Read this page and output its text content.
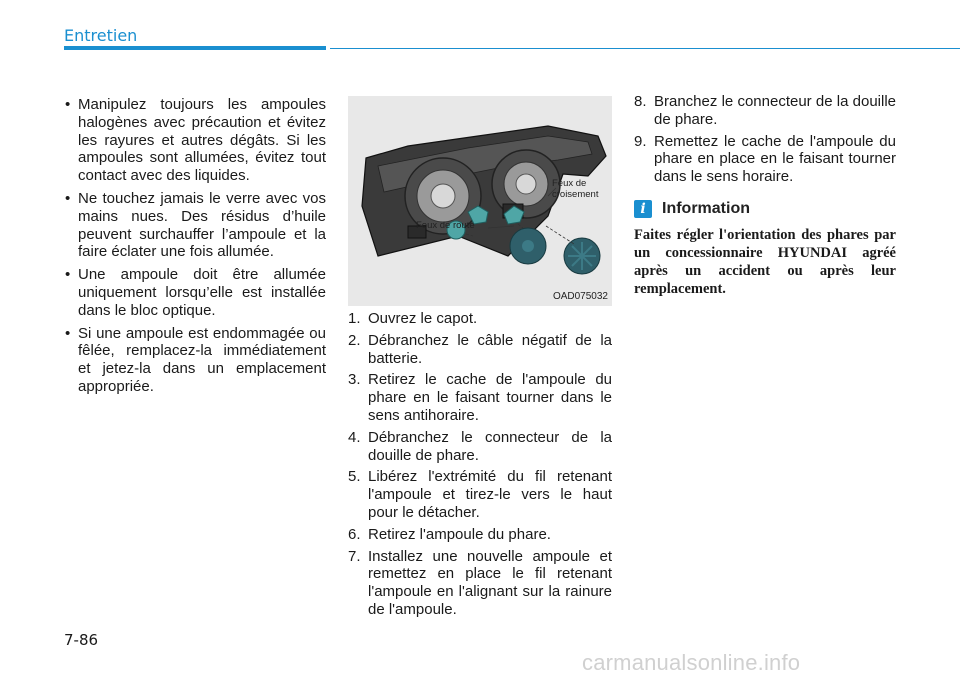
Entretien
• Manipulez toujours les ampoules halogènes avec précaution et évitez les rayures et autres dégâts. Si les ampoules sont allumées, évitez tout contact avec des liquides.
• Ne touchez jamais le verre avec vos mains nues. Des résidus d’huile peuvent surchauffer l’ampoule et la faire éclater une fois allumée.
• Une ampoule doit être allumée uniquement lorsqu’elle est installée dans le bloc optique.
• Si une ampoule est endommagée ou fêlée, remplacez-la immédiatement et jetez-la dans un emplacement appropriée.
Feux de route
Feux de
croisement
OAD075032
1. Ouvrez le capot.
2. Débranchez le câble négatif de la batterie.
3. Retirez le cache de l'ampoule du phare en le faisant tourner dans le sens antihoraire.
4. Débranchez le connecteur de la douille de phare.
5. Libérez l'extrémité du fil retenant l'ampoule et tirez-le vers le haut pour le détacher.
6. Retirez l'ampoule du phare.
7. Installez une nouvelle ampoule et remettez en place le fil retenant l'ampoule en l'alignant sur la rainure de l'ampoule.
8. Branchez le connecteur de la douille de phare.
9. Remettez le cache de l'ampoule du phare en place en le faisant tourner dans le sens horaire.
i	Information
Faites régler l'orientation des phares par un concessionnaire HYUNDAI agréé après un accident ou après leur remplacement.
7-86
carmanualsonline.info
